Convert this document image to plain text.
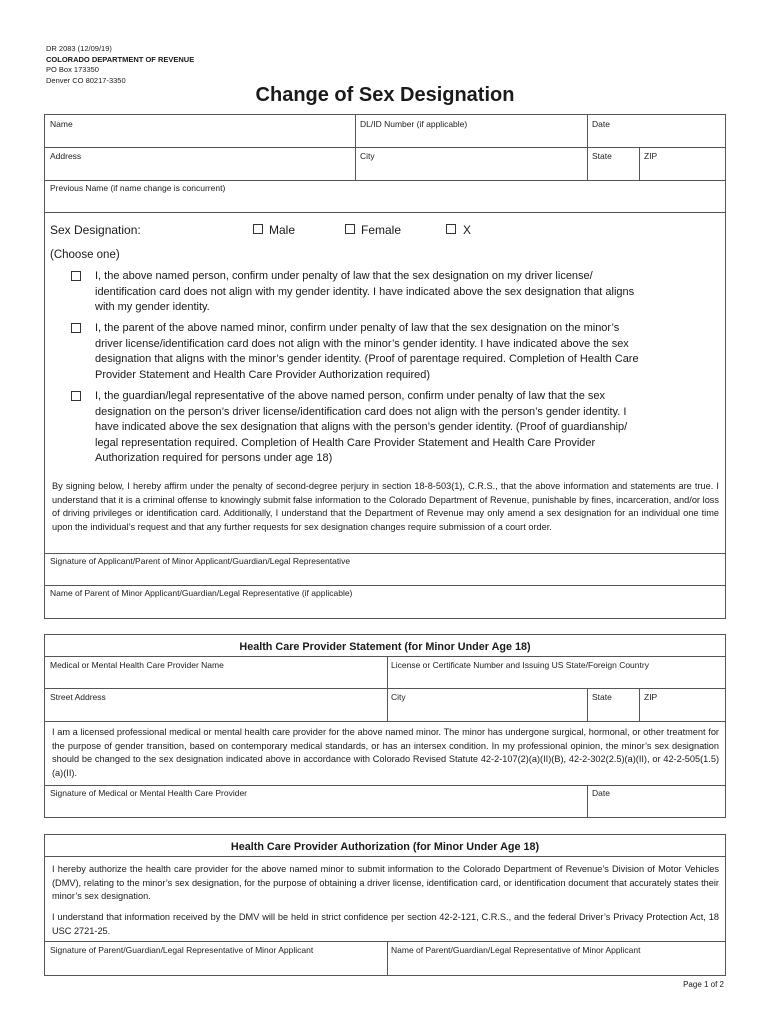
DR 2083 (12/09/19)
COLORADO DEPARTMENT OF REVENUE
PO Box 173350
Denver CO 80217-3350
Change of Sex Designation
Name	DL/ID Number (if applicable)	Date
Address	City	State	ZIP
Previous Name (if name change is concurrent)
Sex Designation:	Male	Female	X
(Choose one)
I, the above named person, confirm under penalty of law that the sex designation on my driver license/
identification card does not align with my gender identity. I have indicated above the sex designation that aligns
with my gender identity.
I, the parent of the above named minor, confirm under penalty of law that the sex designation on the minor’s
driver license/identification card does not align with the minor’s gender identity. I have indicated above the sex
designation that aligns with the minor’s gender identity. (Proof of parentage required. Completion of Health Care
Provider Statement and Health Care Provider Authorization required)
I, the guardian/legal representative of the above named person, confirm under penalty of law that the sex
designation on the person’s driver license/identification card does not align with the person’s gender identity. I
have indicated above the sex designation that aligns with the person’s gender identity. (Proof of guardianship/
legal representation required. Completion of Health Care Provider Statement and Health Care Provider
Authorization required for persons under age 18)
By signing below, I hereby affirm under the penalty of second-degree perjury in section 18-8-503(1), C.R.S., that the above information and statements are true. I understand that it is a criminal offense to knowingly submit false information to the Colorado Department of Revenue, punishable by fines, incarceration, and/or loss of driving privileges or identification card. Additionally, I understand that the Department of Revenue may only amend a sex designation for an individual one time upon the individual’s request and that any further requests for sex designation changes require submission of a court order.
Signature of Applicant/Parent of Minor Applicant/Guardian/Legal Representative
Name of Parent of Minor Applicant/Guardian/Legal Representative (if applicable)
Health Care Provider Statement (for Minor Under Age 18)
Medical or Mental Health Care Provider Name	License or Certificate Number and Issuing US State/Foreign Country
Street Address	City	State	ZIP
I am a licensed professional medical or mental health care provider for the above named minor. The minor has undergone surgical, hormonal, or other treatment for the purpose of gender transition, based on contemporary medical standards, or has an intersex condition. In my professional opinion, the minor’s sex designation should be changed to the sex designation indicated above in accordance with Colorado Revised Statute 42-2-107(2)(a)(II)(B), 42-2-302(2.5)(a)(II), or 42-2-505(1.5)(a)(II).
Signature of Medical or Mental Health Care Provider	Date
Health Care Provider Authorization (for Minor Under Age 18)
I hereby authorize the health care provider for the above named minor to submit information to the Colorado Department of Revenue’s Division of Motor Vehicles (DMV), relating to the minor’s sex designation, for the purpose of obtaining a driver license, identification card, or identification document that accurately states their minor’s sex designation.
I understand that information received by the DMV will be held in strict confidence per section 42-2-121, C.R.S., and the federal Driver’s Privacy Protection Act, 18 USC 2721-25.
Signature of Parent/Guardian/Legal Representative of Minor Applicant	Name of Parent/Guardian/Legal Representative of Minor Applicant
Page 1 of 2
